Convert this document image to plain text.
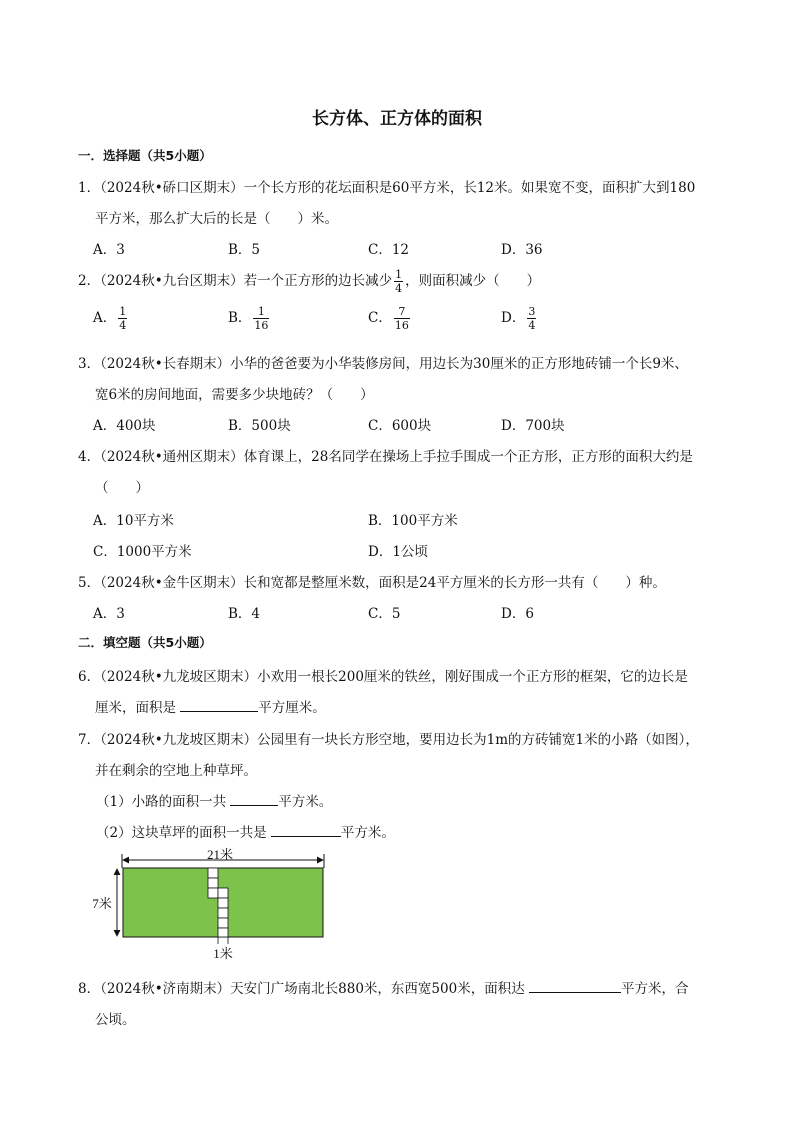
长方体、正方体的面积
一．选择题（共5小题）
1．（2024秋•硚口区期末）一个长方形的花坛面积是60平方米，长12米。如果宽不变，面积扩大到180
平方米，那么扩大后的长是（　　）米。
A．3	B．5	C．12	D．36
2．（2024秋•九台区期末）若一个正方形的边长减少 $\frac{1}{4}$ ，则面积减少（　　）
A． $\frac{1}{4}$	B． $\frac{1}{16}$	C． $\frac{7}{16}$	D． $\frac{3}{4}$
3．（2024秋•长春期末）小华的爸爸要为小华装修房间，用边长为30厘米的正方形地砖铺一个长9米、
宽6米的房间地面，需要多少块地砖？（　　）
A．400块	B．500块	C．600块	D．700块
4．（2024秋•通州区期末）体育课上，28名同学在操场上手拉手围成一个正方形，正方形的面积大约是
（　　）
A．10平方米	B．100平方米
C．1000平方米	D．1公顷
5．（2024秋•金牛区期末）长和宽都是整厘米数，面积是24平方厘米的长方形一共有（　　）种。
A．3	B．4	C．5	D．6
二．填空题（共5小题）
6．（2024秋•九龙坡区期末）小欢用一根长200厘米的铁丝，刚好围成一个正方形的框架，它的边长是
厘米，面积是	平方厘米。
7．（2024秋•九龙坡区期末）公园里有一块长方形空地，要用边长为1m的方砖铺宽1米的小路（如图），
并在剩余的空地上种草坪。
（1）小路的面积一共	平方米。
（2）这块草坪的面积一共是	平方米。
21米
7米
1米
8．（2024秋•济南期末）天安门广场南北长880米，东西宽500米，面积达	平方米，合
公顷。
